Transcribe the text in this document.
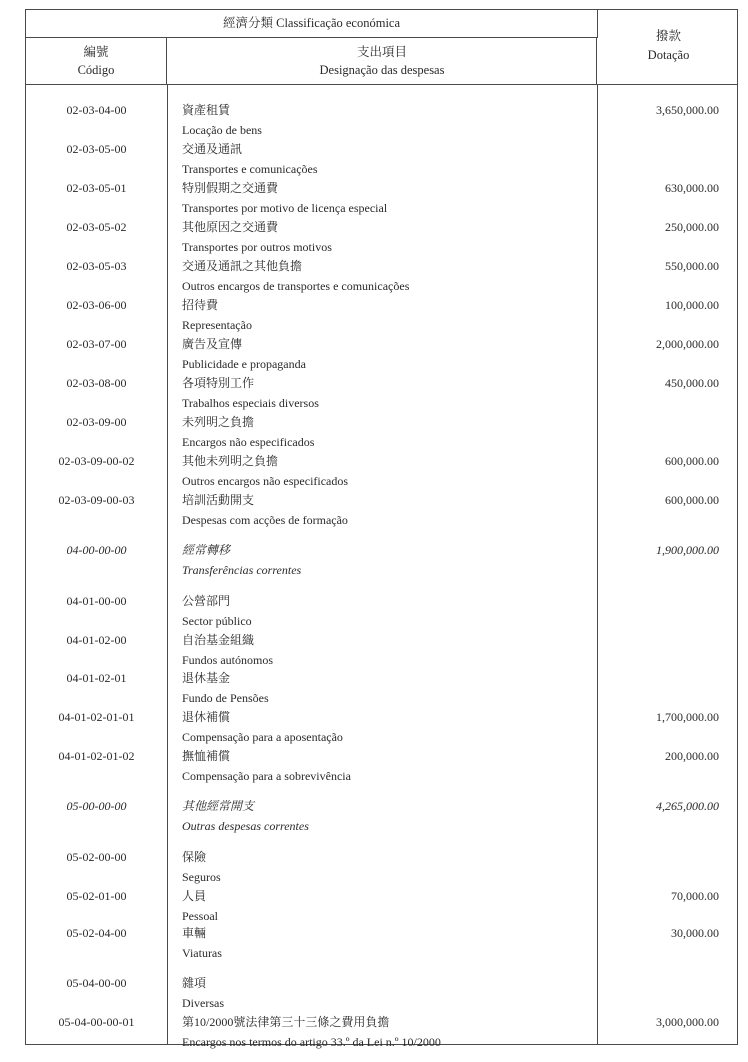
經濟分類 Classificação económica
編號
Código
支出項目
Designação das despesas
撥款
Dotação
02-03-04-00	資產租賃
Locação de bens
3,650,000.00
02-03-05-00	交通及通訊
Transportes e comunicações
02-03-05-01	特別假期之交通費
Transportes por motivo de licença especial
630,000.00
02-03-05-02	其他原因之交通費
Transportes por outros motivos
250,000.00
02-03-05-03	交通及通訊之其他負擔
Outros encargos de transportes e comunicações
550,000.00
02-03-06-00	招待費
Representação
100,000.00
02-03-07-00	廣告及宣傳
Publicidade e propaganda
2,000,000.00
02-03-08-00	各項特別工作
Trabalhos especiais diversos
450,000.00
02-03-09-00	未列明之負擔
Encargos não especificados
02-03-09-00-02	其他未列明之負擔
Outros encargos não especificados
600,000.00
02-03-09-00-03	培訓活動開支
Despesas com acções de formação
600,000.00
04-00-00-00	經常轉移
Transferências correntes
1,900,000.00
04-01-00-00	公營部門
Sector público
04-01-02-00	自治基金組織
Fundos autónomos
04-01-02-01	退休基金
Fundo de Pensões
04-01-02-01-01	退休補償
Compensação para a aposentação
1,700,000.00
04-01-02-01-02	撫恤補償
Compensação para a sobrevivência
200,000.00
05-00-00-00	其他經常開支
Outras despesas correntes
4,265,000.00
05-02-00-00	保險
Seguros
05-02-01-00	人員
Pessoal
70,000.00
05-02-04-00	車輛
Viaturas
30,000.00
05-04-00-00	雜項
Diversas
05-04-00-00-01	第10/2000號法律第三十三條之費用負擔
Encargos nos termos do artigo 33.º da Lei n.º 10/2000
3,000,000.00
